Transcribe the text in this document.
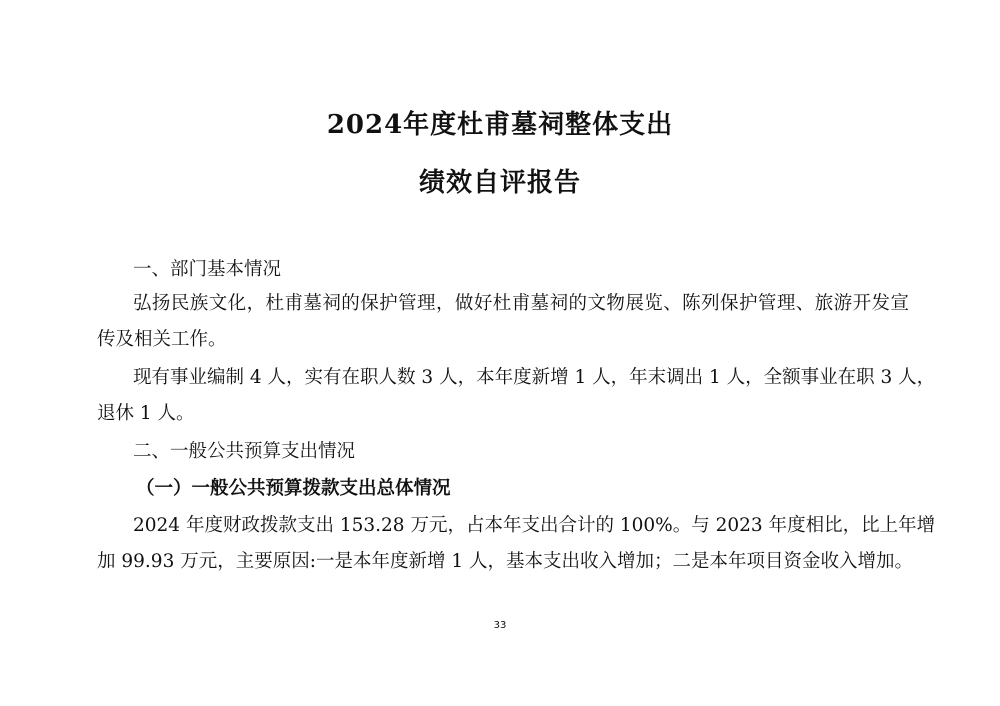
2024年度杜甫墓祠整体支出
绩效自评报告
一、部门基本情况
弘扬民族文化，杜甫墓祠的保护管理，做好杜甫墓祠的文物展览、陈列保护管理、旅游开发宣
传及相关工作。
现有事业编制 4 人，实有在职人数 3 人，本年度新增 1 人，年末调出 1 人，全额事业在职 3 人，
退休 1 人。
二、一般公共预算支出情况
（一）一般公共预算拨款支出总体情况
2024 年度财政拨款支出 153.28 万元，占本年支出合计的 100%。与 2023 年度相比，比上年增
加 99.93 万元，主要原因:一是本年度新增 1 人，基本支出收入增加；二是本年项目资金收入增加。
33
